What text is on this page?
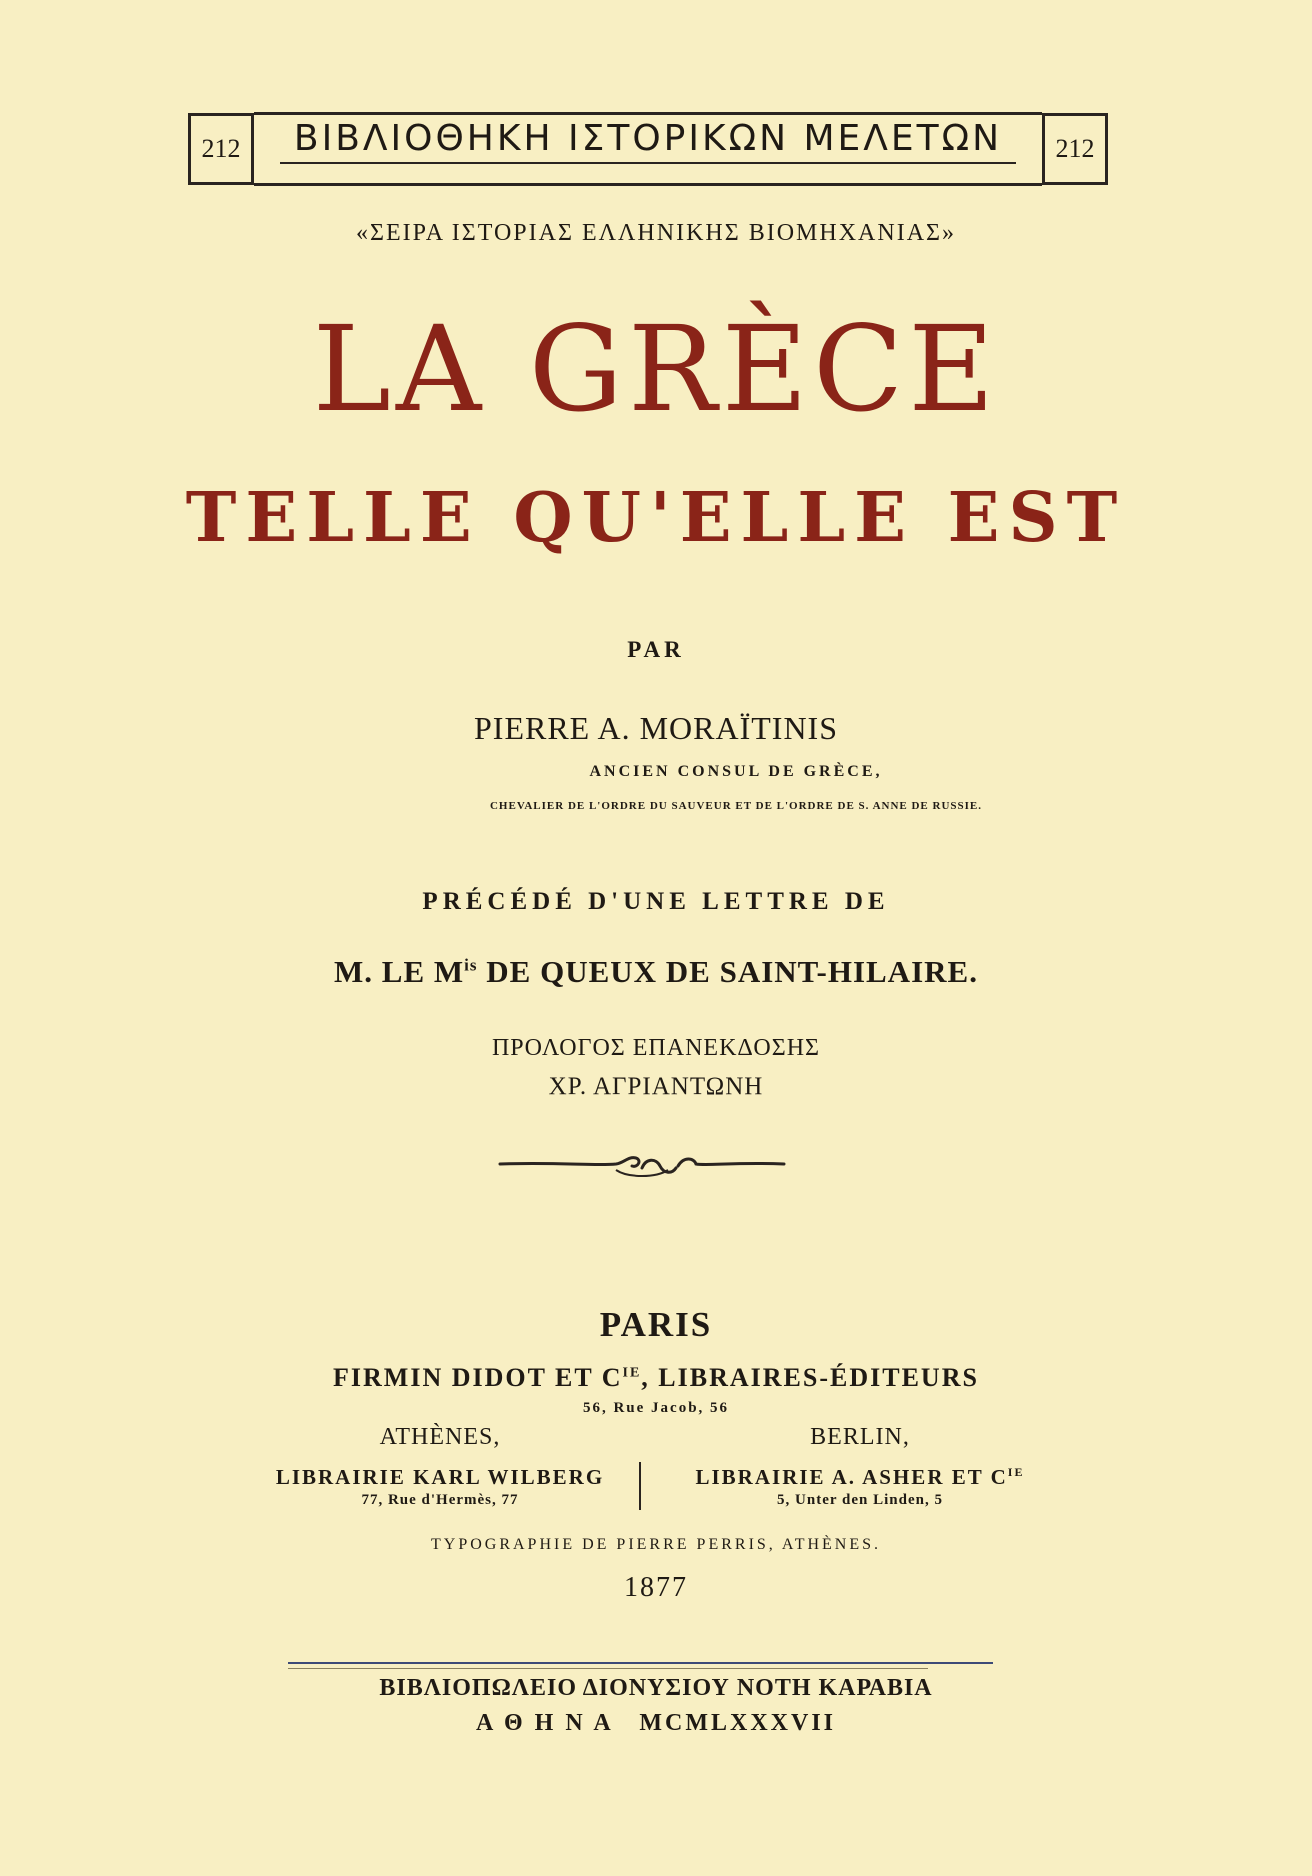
212	ΒΙΒΛΙΟΘΗΚΗ ΙΣΤΟΡΙΚΩΝ ΜΕΛΕΤΩΝ	212
«ΣΕΙΡΑ ΙΣΤΟΡΙΑΣ ΕΛΛΗΝΙΚΗΣ ΒΙΟΜΗΧΑΝΙΑΣ»
LA GRÈCE
TELLE QU'ELLE EST
PAR
PIERRE A. MORAÏTINIS
ANCIEN CONSUL DE GRÈCE,
CHEVALIER DE L'ORDRE DU SAUVEUR ET DE L'ORDRE DE S. ANNE DE RUSSIE.
PRÉCÉDÉ D'UNE LETTRE DE
M. LE $M^{is}$ DE QUEUX DE SAINT-HILAIRE.
ΠΡΟΛΟΓΟΣ ΕΠΑΝΕΚΔΟΣΗΣ
ΧΡ. ΑΓΡΙΑΝΤΩΝΗ
PARIS
FIRMIN DIDOT ET $C^{IE}$, LIBRAIRES-ÉDITEURS
56, Rue Jacob, 56
ATHÈNES,
LIBRAIRIE KARL WILBERG
77, Rue d'Hermès, 77
BERLIN,
LIBRAIRIE A. ASHER ET $C^{IE}$
5, Unter den Linden, 5
TYPOGRAPHIE DE PIERRE PERRIS, ATHÈNES.
1877
ΒΙΒΛΙΟΠΩΛΕΙΟ ΔΙΟΝΥΣΙΟΥ ΝΟΤΗ ΚΑΡΑΒΙΑ
Α Θ Η Ν Α   MCMLXXXVII
